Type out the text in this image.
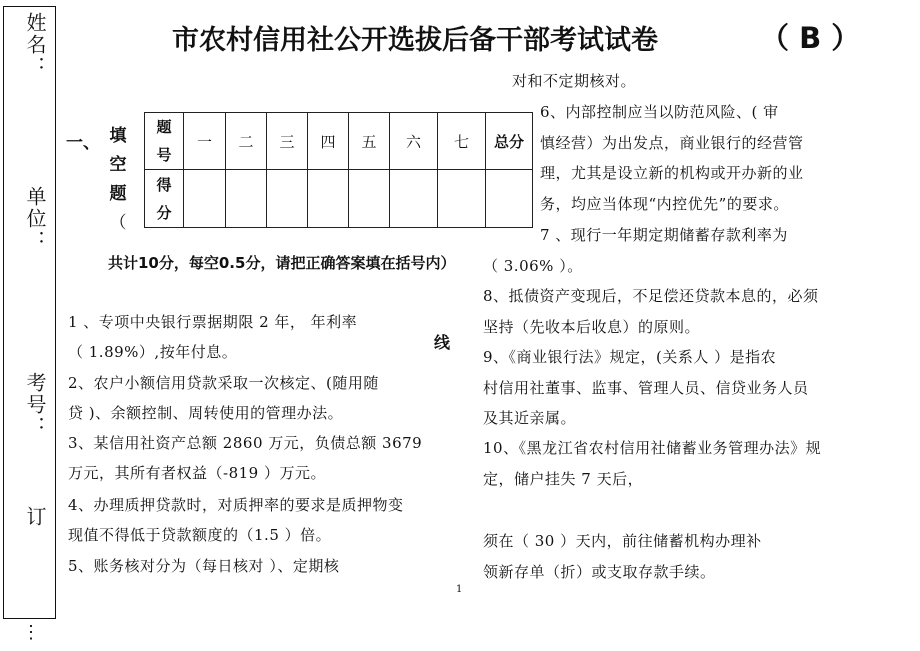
姓名：
单位：
考号：
订
⋮
市农村信用社公开选拔后备干部考试试卷	（ B ）
一、 填
空
题
（
题号	一	二	三	四	五	六	七	总分

得分								

共计10分，每空0.5分，请把正确答案填在括号内）
1 、专项中央银行票据期限 2 年， 年利率
（ 1.89%）,按年付息。
2、农户小额信用贷款采取一次核定、(随用随
贷 )、余额控制、周转使用的管理办法。
3、某信用社资产总额 2860 万元，负债总额 3679
万元，其所有者权益（-819 ）万元。
4、办理质押贷款时，对质押率的要求是质押物变
现值不得低于贷款额度的（1.5 ）倍。
5、账务核对分为（每日核对 ）、定期核
线
对和不定期核对。
6、内部控制应当以防范风险、( 审
慎经营）为出发点，商业银行的经营管
理，尤其是设立新的机构或开办新的业
务，均应当体现“内控优先”的要求。
7 、现行一年期定期储蓄存款利率为
（ 3.06% ）。
8、抵债资产变现后，不足偿还贷款本息的，必须
坚持（先收本后收息）的原则。
9、《商业银行法》规定，(关系人 ）是指农
村信用社董事、监事、管理人员、信贷业务人员
及其近亲属。
10、《黑龙江省农村信用社储蓄业务管理办法》规
定，储户挂失 7 天后，
须在（ 30 ）天内，前往储蓄机构办理补
领新存单（折）或支取存款手续。
1
